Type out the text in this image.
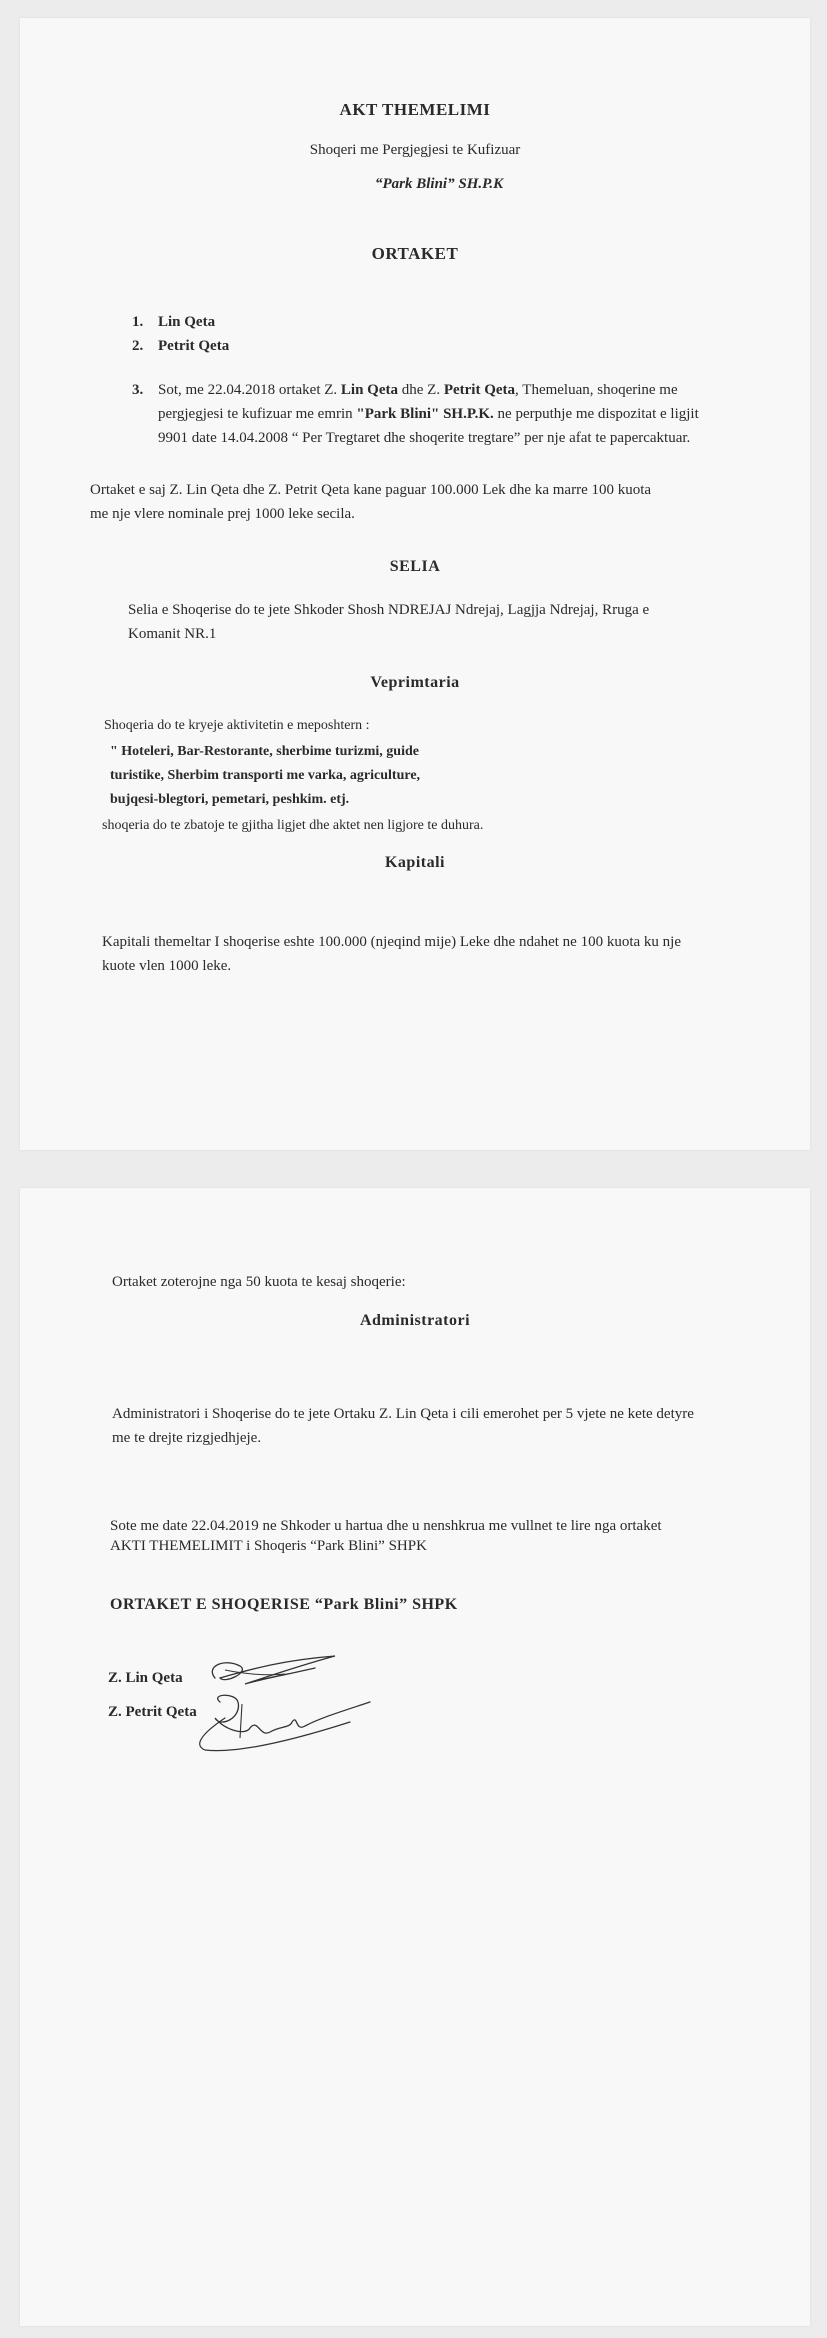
AKT THEMELIMI
Shoqeri me Pergjegjesi te Kufizuar
“Park Blini” SH.P.K
ORTAKET
1. Lin Qeta
2. Petrit Qeta
3. Sot, me 22.04.2018 ortaket Z. Lin Qeta dhe Z. Petrit Qeta, Themeluan, shoqerine me
pergjegjesi te kufizuar me emrin "Park Blini" SH.P.K. ne perputhje me dispozitat e ligjit
9901 date 14.04.2008 “ Per Tregtaret dhe shoqerite tregtare” per nje afat te papercaktuar.
Ortaket e saj Z. Lin Qeta dhe Z. Petrit Qeta kane paguar 100.000 Lek dhe ka marre 100 kuota
me nje vlere nominale prej 1000 leke secila.
SELIA
Selia e Shoqerise do te jete Shkoder Shosh NDREJAJ Ndrejaj, Lagjja Ndrejaj, Rruga e
Komanit NR.1
Veprimtaria
Shoqeria do te kryeje aktivitetin e meposhtern :
" Hoteleri, Bar-Restorante, sherbime turizmi, guide
turistike, Sherbim transporti me varka, agriculture,
bujqesi-blegtori, pemetari, peshkim. etj.
shoqeria do te zbatoje te gjitha ligjet dhe aktet nen ligjore te duhura.
Kapitali
Kapitali themeltar I shoqerise eshte 100.000 (njeqind mije) Leke dhe ndahet ne 100 kuota ku nje
kuote vlen 1000 leke.
Ortaket zoterojne nga 50 kuota te kesaj shoqerie:
Administratori
Administratori i Shoqerise do te jete Ortaku Z. Lin Qeta i cili emerohet per 5 vjete ne kete detyre
me te drejte rizgjedhjeje.
Sote me date 22.04.2019 ne Shkoder u hartua dhe u nenshkrua me vullnet te lire nga ortaket
AKTI THEMELIMIT i Shoqeris “Park Blini” SHPK
ORTAKET E SHOQERISE “Park Blini” SHPK
Z. Lin Qeta
Z. Petrit Qeta
